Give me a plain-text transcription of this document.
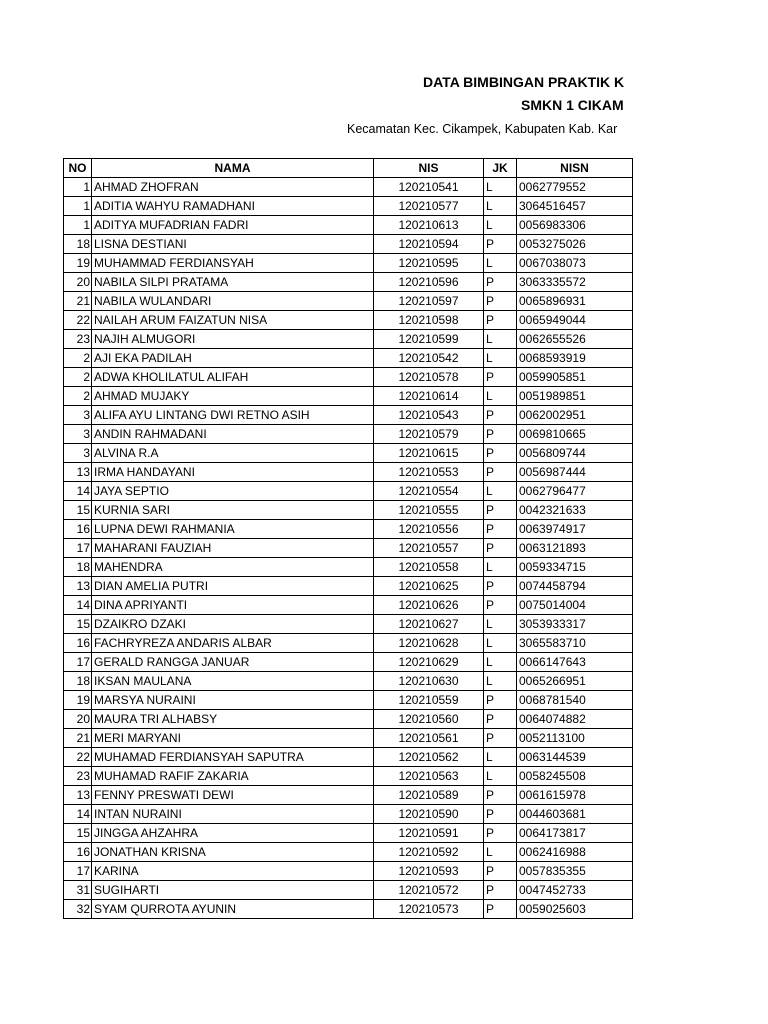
DATA BIMBINGAN PRAKTIK K
SMKN 1 CIKAM
Kecamatan Kec. Cikampek, Kabupaten Kab. Kar
NO	NAMA	NIS	JK	NISN
1	AHMAD ZHOFRAN	120210541	L	0062779552
1	ADITIA WAHYU RAMADHANI	120210577	L	3064516457
1	ADITYA MUFADRIAN FADRI	120210613	L	0056983306
18	LISNA DESTIANI	120210594	P	0053275026
19	MUHAMMAD FERDIANSYAH	120210595	L	0067038073
20	NABILA SILPI PRATAMA	120210596	P	3063335572
21	NABILA WULANDARI	120210597	P	0065896931
22	NAILAH ARUM FAIZATUN NISA	120210598	P	0065949044
23	NAJIH ALMUGORI	120210599	L	0062655526
2	AJI EKA PADILAH	120210542	L	0068593919
2	ADWA KHOLILATUL ALIFAH	120210578	P	0059905851
2	AHMAD MUJAKY	120210614	L	0051989851
3	ALIFA AYU LINTANG DWI RETNO ASIH	120210543	P	0062002951
3	ANDIN RAHMADANI	120210579	P	0069810665
3	ALVINA R.A	120210615	P	0056809744
13	IRMA HANDAYANI	120210553	P	0056987444
14	JAYA SEPTIO	120210554	L	0062796477
15	KURNIA SARI	120210555	P	0042321633
16	LUPNA DEWI RAHMANIA	120210556	P	0063974917
17	MAHARANI FAUZIAH	120210557	P	0063121893
18	MAHENDRA	120210558	L	0059334715
13	DIAN AMELIA PUTRI	120210625	P	0074458794
14	DINA APRIYANTI	120210626	P	0075014004
15	DZAIKRO DZAKI	120210627	L	3053933317
16	FACHRYREZA ANDARIS ALBAR	120210628	L	3065583710
17	GERALD RANGGA JANUAR	120210629	L	0066147643
18	IKSAN MAULANA	120210630	L	0065266951
19	MARSYA NURAINI	120210559	P	0068781540
20	MAURA TRI ALHABSY	120210560	P	0064074882
21	MERI MARYANI	120210561	P	0052113100
22	MUHAMAD FERDIANSYAH SAPUTRA	120210562	L	0063144539
23	MUHAMAD RAFIF ZAKARIA	120210563	L	0058245508
13	FENNY PRESWATI DEWI	120210589	P	0061615978
14	INTAN NURAINI	120210590	P	0044603681
15	JINGGA AHZAHRA	120210591	P	0064173817
16	JONATHAN KRISNA	120210592	L	0062416988
17	KARINA	120210593	P	0057835355
31	SUGIHARTI	120210572	P	0047452733
32	SYAM QURROTA AYUNIN	120210573	P	0059025603
